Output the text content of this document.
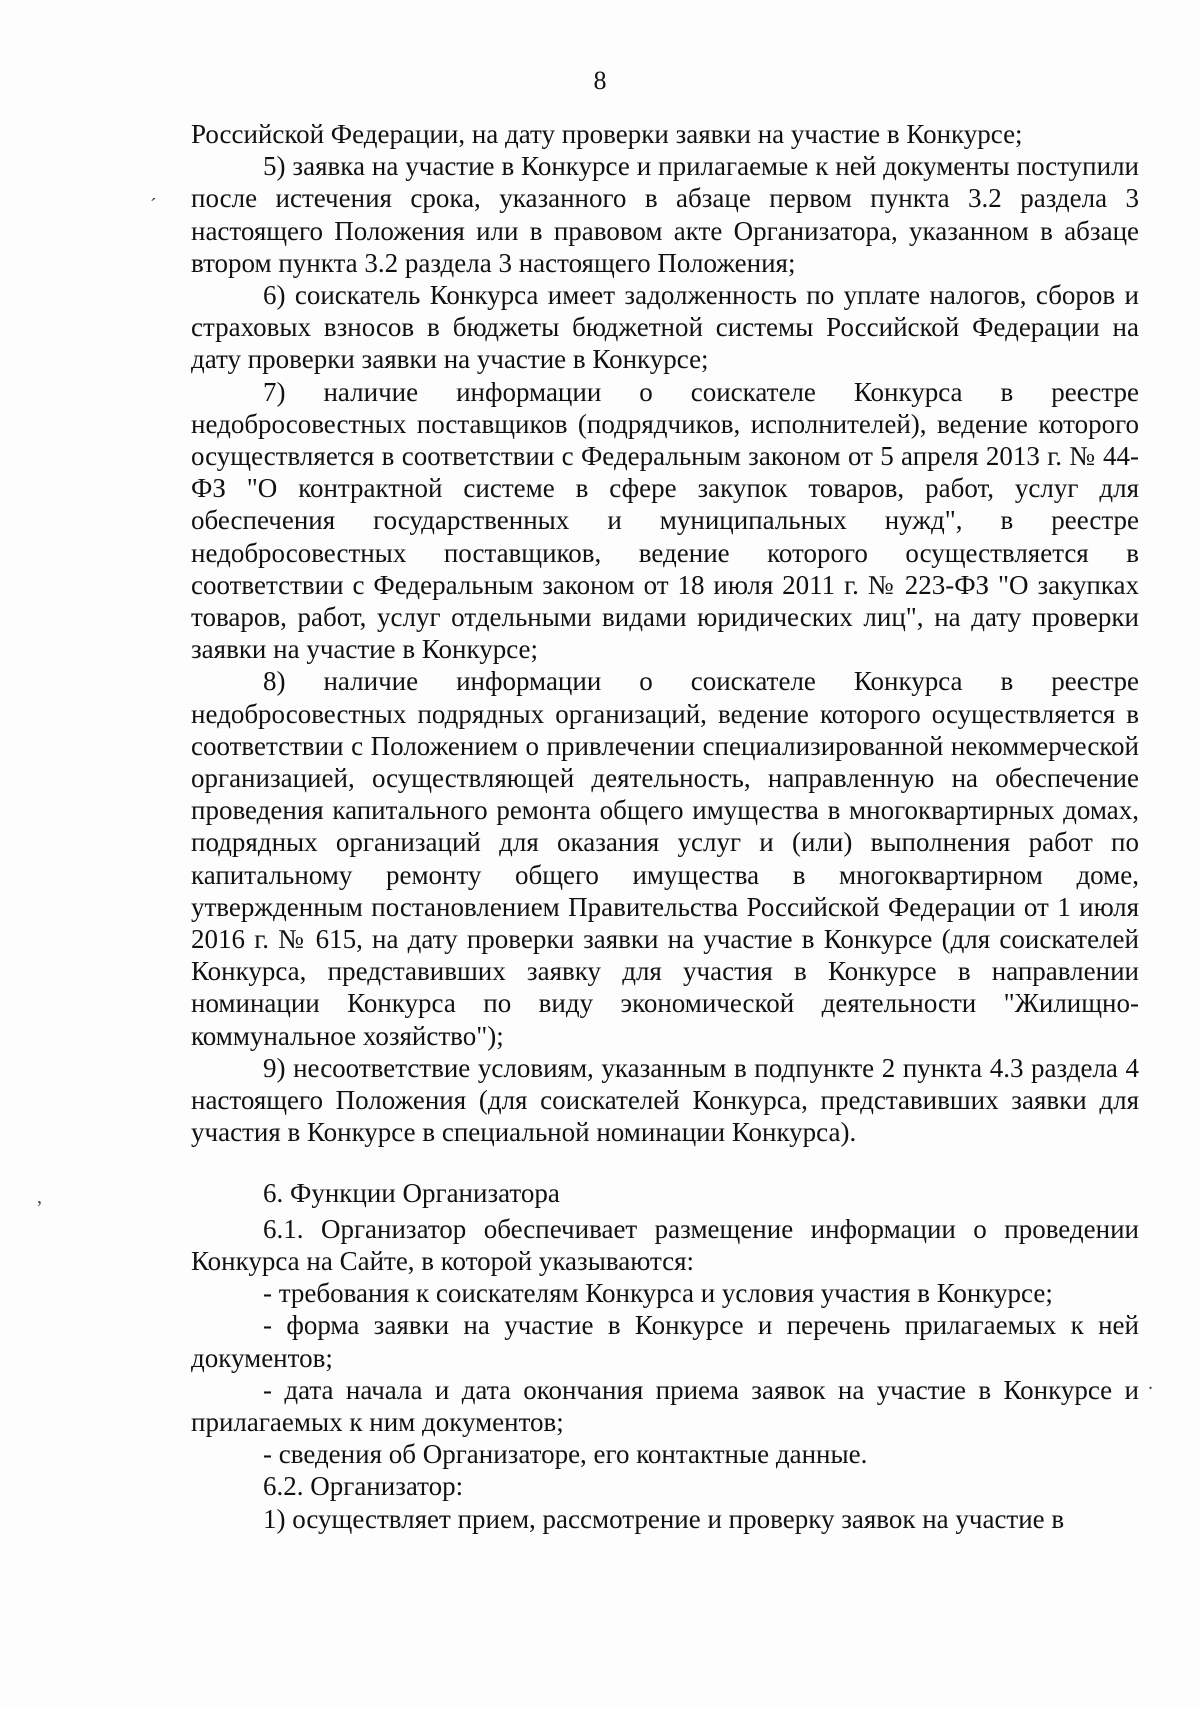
8
´
,
.

Российской Федерации, на дату проверки заявки на участие в Конкурсе;

5) заявка на участие в Конкурсе и прилагаемые к ней документы поступили после истечения срока, указанного в абзаце первом пункта 3.2 раздела 3 настоящего Положения или в правовом акте Организатора, указанном в абзаце втором пункта 3.2 раздела 3 настоящего Положения;

6) соискатель Конкурса имеет задолженность по уплате налогов, сборов и страховых взносов в бюджеты бюджетной системы Российской Федерации на дату проверки заявки на участие в Конкурсе;

7) наличие информации о соискателе Конкурса в реестре недобросовестных поставщиков (подрядчиков, исполнителей), ведение которого осуществляется в соответствии с Федеральным законом от 5 апреля 2013 г. № 44-ФЗ "О контрактной системе в сфере закупок товаров, работ, услуг для обеспечения государственных и муниципальных нужд", в реестре недобросовестных поставщиков, ведение которого осуществляется в соответствии с Федеральным законом от 18 июля 2011 г. № 223-ФЗ "О закупках товаров, работ, услуг отдельными видами юридических лиц", на дату проверки заявки на участие в Конкурсе;

8) наличие информации о соискателе Конкурса в реестре недобросовестных подрядных организаций, ведение которого осуществляется в соответствии с Положением о привлечении специализированной некоммерческой организацией, осуществляющей деятельность, направленную на обеспечение проведения капитального ремонта общего имущества в многоквартирных домах, подрядных организаций для оказания услуг и (или) выполнения работ по капитальному ремонту общего имущества в многоквартирном доме, утвержденным постановлением Правительства Российской Федерации от 1 июля 2016 г. № 615, на дату проверки заявки на участие в Конкурсе (для соискателей Конкурса, представивших заявку для участия в Конкурсе в направлении номинации Конкурса по виду экономической деятельности "Жилищно-коммунальное хозяйство");

9) несоответствие условиям, указанным в подпункте 2 пункта 4.3 раздела 4 настоящего Положения (для соискателей Конкурса, представивших заявки для участия в Конкурсе в специальной номинации Конкурса).

6. Функции Организатора

6.1. Организатор обеспечивает размещение информации о проведении Конкурса на Сайте, в которой указываются:

- требования к соискателям Конкурса и условия участия в Конкурсе;

- форма заявки на участие в Конкурсе и перечень прилагаемых к ней документов;

- дата начала и дата окончания приема заявок на участие в Конкурсе и прилагаемых к ним документов;

- сведения об Организаторе, его контактные данные.

6.2. Организатор:

1) осуществляет прием, рассмотрение и проверку заявок на участие в
